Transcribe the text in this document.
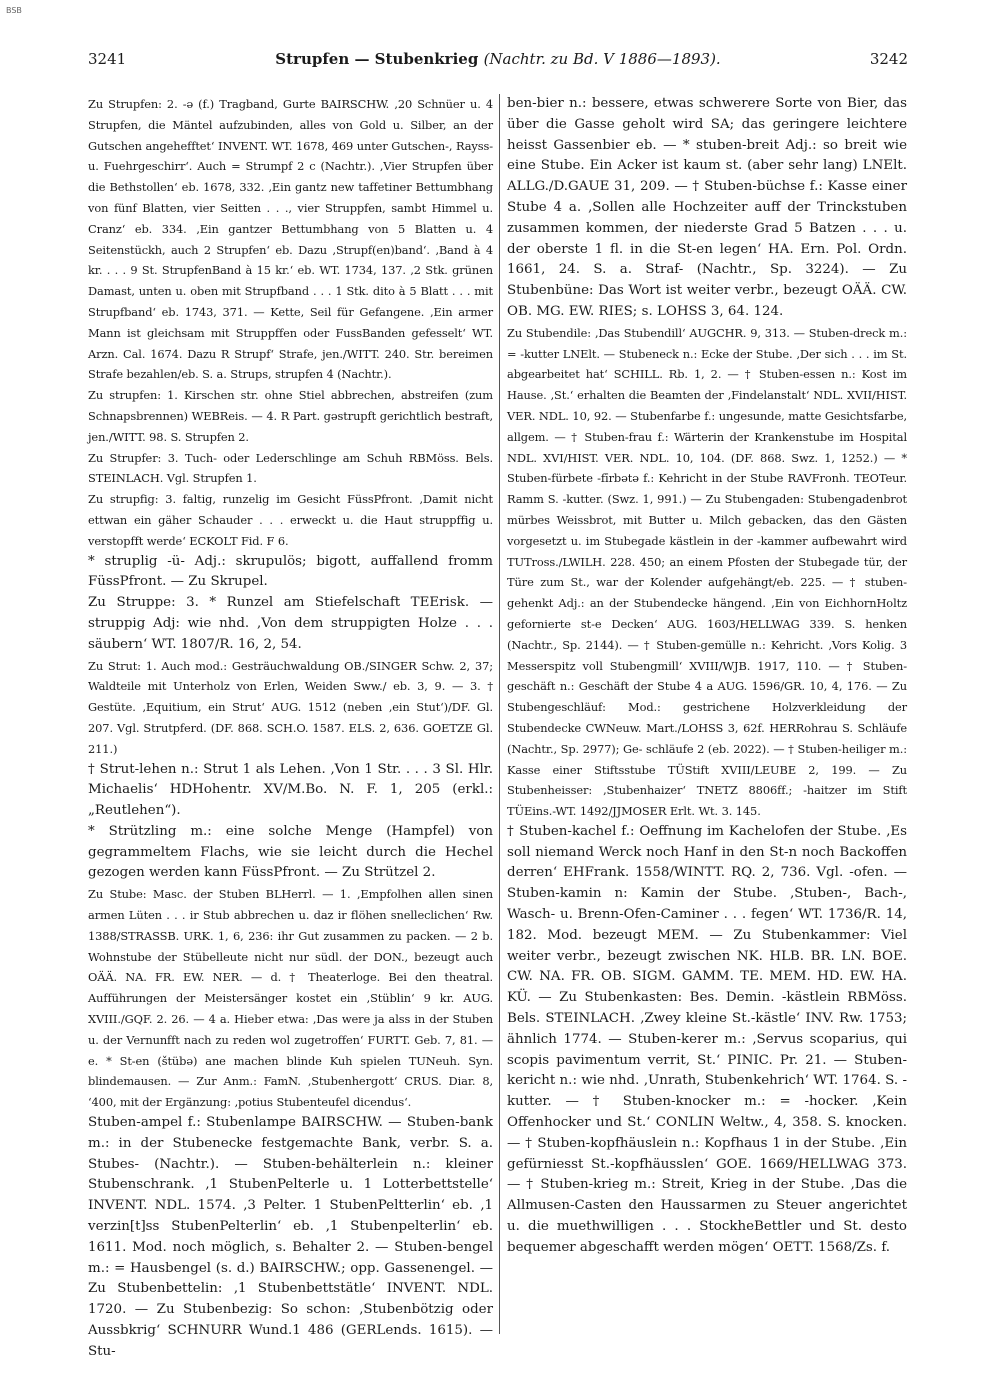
BSB
3241	Strupfen — Stubenkrieg (Nachtr. zu Bd. V 1886—1893).	3242

Zu Strupfen: 2. -ə (f.) Tragband, Gurte BAIRSCHW. ‚20 Schnüer u. 4 Strupfen, die Mäntel aufzubinden, alles von Gold u. Silber, an der Gutschen angehefftet‘ INVENT. WT. 1678, 469 unter Gutschen-, Rayss- u. Fuehrgeschirr‘. Auch = Strumpf 2 c (Nachtr.). ‚Vier Strupfen über die Bethstollen‘ eb. 1678, 332. ‚Ein gantz new taffetiner Bettumbhang von fünf Blatten, vier Seitten . . ., vier Struppfen, sambt Himmel u. Cranz‘ eb. 334. ‚Ein gantzer Bettumbhang von 5 Blatten u. 4 Seitenstückh, auch 2 Strupfen‘ eb. Dazu ‚Strupf(en)band‘. ‚Band à 4 kr. . . . 9 St. StrupfenBand à 15 kr.‘ eb. WT. 1734, 137. ‚2 Stk. grünen Damast, unten u. oben mit Strupfband . . . 1 Stk. dito à 5 Blatt . . . mit Strupfband‘ eb. 1743, 371. — Kette, Seil für Gefangene. ‚Ein armer Mann ist gleichsam mit Struppffen oder FussBanden gefesselt‘ WT. Arzn. Cal. 1674. Dazu R Strupf‘ Strafe, jen./WITT. 240. Str. bereimen Strafe bezahlen/eb. S. a. Strups, strupfen 4 (Nachtr.).

Zu strupfen: 1. Kirschen str. ohne Stiel abbrechen, abstreifen (zum Schnapsbrennen) WEBReis. — 4. R Part. gəstrupft gerichtlich bestraft, jen./WITT. 98. S. Strupfen 2.

Zu Strupfer: 3. Tuch- oder Lederschlinge am Schuh RBMöss. Bels. STEINLACH. Vgl. Strupfen 1.

Zu strupfig: 3. faltig, runzelig im Gesicht FüssPfront. ‚Damit nicht ettwan ein gäher Schauder . . . erweckt u. die Haut struppffig u. verstopfft werde‘ ECKOLT Fid. F 6.

* struplig -ü- Adj.: skrupulös; bigott, auffallend fromm FüssPfront. — Zu Skrupel.

Zu Struppe: 3. * Runzel am Stiefelschaft TEErisk. — struppig Adj: wie nhd. ‚Von dem struppigten Holze . . . säubern‘ WT. 1807/R. 16, 2, 54.

Zu Strut: 1. Auch mod.: Gesträuchwaldung OB./SINGER Schw. 2, 37; Waldteile mit Unterholz von Erlen, Weiden Sww./ eb. 3, 9. — 3. † Gestüte. ‚Equitium, ein Strut‘ AUG. 1512 (neben ‚ein Stut‘)/DF. Gl. 207. Vgl. Strutpferd. (DF. 868. SCH.O. 1587. ELS. 2, 636. GOETZE Gl. 211.)

† Strut-lehen n.: Strut 1 als Lehen. ‚Von 1 Str. . . . 3 Sl. Hlr. Michaelis‘ HDHohentr. XV/M.Bo. N. F. 1, 205 (erkl.: „Reutlehen“).

* Strützling m.: eine solche Menge (Hampfel) von gegrammeltem Flachs, wie sie leicht durch die Hechel gezogen werden kann FüssPfront. — Zu Strützel 2.

Zu Stube: Masc. der Stuben BLHerrl. — 1. ‚Empfolhen allen sinen armen Lüten . . . ir Stub abbrechen u. daz ir flöhen snelleclichen‘ Rw. 1388/STRASSB. URK. 1, 6, 236: ihr Gut zusammen zu packen. — 2 b. Wohnstube der Stübelleute nicht nur südl. der DON., bezeugt auch OÄÄ. NA. FR. EW. NER. — d. † Theaterloge. Bei den theatral. Aufführungen der Meistersänger kostet ein ‚Stüblin‘ 9 kr. AUG. XVIII./GQF. 2. 26. — 4 a. Hieber etwa: ‚Das were ja alss in der Stuben u. der Vernunfft nach zu reden wol zugetroffen‘ FURTT. Geb. 7, 81. — e. * St-en (štübə) ane machen blinde Kuh spielen TUNeuh. Syn. blindemausen. — Zur Anm.: FamN. ‚Stubenhergott‘ CRUS. Diar. 8, ‘400, mit der Ergänzung: ‚potius Stubenteufel dicendus‘.

Stuben-ampel f.: Stubenlampe BAIRSCHW. — Stuben-bank m.: in der Stubenecke festgemachte Bank, verbr. S. a. Stubes- (Nachtr.). — Stuben-behälterlein n.: kleiner Stubenschrank. ‚1 StubenPelterle u. 1 Lotterbettstelle‘ INVENT. NDL. 1574. ‚3 Pelter. 1 StubenPeltterlin‘ eb. ‚1 verzin[t]ss StubenPelterlin‘ eb. ‚1 Stubenpelterlin‘ eb. 1611. Mod. noch möglich, s. Behalter 2. — Stuben-bengel m.: = Hausbengel (s. d.) BAIRSCHW.; opp. Gassenengel. — Zu Stubenbettelin: ‚1 Stubenbettstätle‘ INVENT. NDL. 1720. — Zu Stubenbezig: So schon: ‚Stubenbötzig oder Aussbkrig‘ SCHNURR Wund.1 486 (GERLends. 1615). — Stu-

ben-bier n.: bessere, etwas schwerere Sorte von Bier, das über die Gasse geholt wird SA; das geringere leichtere heisst Gassenbier eb. — * stuben-breit Adj.: so breit wie eine Stube. Ein Acker ist kaum st. (aber sehr lang) LNElt. ALLG./D.GAUE 31, 209. — † Stuben-büchse f.: Kasse einer Stube 4 a. ‚Sollen alle Hochzeiter auff der Trinckstuben zusammen kommen, der niederste Grad 5 Batzen . . . u. der oberste 1 fl. in die St-en legen‘ HA. Ern. Pol. Ordn. 1661, 24. S. a. Straf- (Nachtr., Sp. 3224). — Zu Stubenbüne: Das Wort ist weiter verbr., bezeugt OÄÄ. CW. OB. MG. EW. RIES; s. LOHSS 3, 64. 124.

Zu Stubendile: ‚Das Stubendill‘ AUGCHR. 9, 313. — Stuben-dreck m.: = -kutter LNElt. — Stubeneck n.: Ecke der Stube. ‚Der sich . . . im St. abgearbeitet hat‘ SCHILL. Rb. 1, 2. — † Stuben-essen n.: Kost im Hause. ‚St.‘ erhalten die Beamten der ‚Findelanstalt‘ NDL. XVII/HIST. VER. NDL. 10, 92. — Stubenfarbe f.: ungesunde, matte Gesichtsfarbe, allgem. — † Stuben-frau f.: Wärterin der Krankenstube im Hospital NDL. XVI/HIST. VER. NDL. 10, 104. (DF. 868. Swz. 1, 1252.) — * Stuben-fürbete -fīrbətə f.: Kehricht in der Stube RAVFronh. TEOTeur. Ramm S. -kutter. (Swz. 1, 991.) — Zu Stubengaden: Stubengadenbrot mürbes Weissbrot, mit Butter u. Milch gebacken, das den Gästen vorgesetzt u. im Stubegade kästlein in der -kammer aufbewahrt wird TUTross./LWILH. 228. 450; an einem Pfosten der Stubegade tür, der Türe zum St., war der Kolender aufgehängt/eb. 225. — † stuben-gehenkt Adj.: an der Stubendecke hängend. ‚Ein von EichhornHoltz gefornierte st-e Decken‘ AUG. 1603/HELLWAG 339. S. henken (Nachtr., Sp. 2144). — † Stuben-gemülle n.: Kehricht. ‚Vors Kolig. 3 Messerspitz voll Stubengmill‘ XVIII/WJB. 1917, 110. — † Stuben-geschäft n.: Geschäft der Stube 4 a AUG. 1596/GR. 10, 4, 176. — Zu Stubengeschläuf: Mod.: gestrichene Holzverkleidung der Stubendecke CWNeuw. Mart./LOHSS 3, 62f. HERRohrau S. Schläufe (Nachtr., Sp. 2977); Ge- schläufe 2 (eb. 2022). — † Stuben-heiliger m.: Kasse einer Stiftsstube TÜStift XVIII/LEUBE 2, 199. — Zu Stubenheisser: ‚Stubenhaizer‘ TNETZ 8806ff.; -haitzer im Stift TÜEins.-WT. 1492/JJMOSER Erlt. Wt. 3. 145.

† Stuben-kachel f.: Oeffnung im Kachelofen der Stube. ‚Es soll niemand Werck noch Hanf in den St-n noch Backoffen derren‘ EHFrank. 1558/WINTT. RQ. 2, 736. Vgl. -ofen. — Stuben-kamin n: Kamin der Stube. ‚Stuben-, Bach-, Wasch- u. Brenn-Ofen-Caminer . . . fegen‘ WT. 1736/R. 14, 182. Mod. bezeugt MEM. — Zu Stubenkammer: Viel weiter verbr., bezeugt zwischen NK. HLB. BR. LN. BOE. CW. NA. FR. OB. SIGM. GAMM. TE. MEM. HD. EW. HA. KÜ. — Zu Stubenkasten: Bes. Demin. -kästlein RBMöss. Bels. STEINLACH. ‚Zwey kleine St.-kästle‘ INV. Rw. 1753; ähnlich 1774. — Stuben-kerer m.: ‚Servus scoparius, qui scopis pavimentum verrit, St.‘ PINIC. Pr. 21. — Stuben-kericht n.: wie nhd. ‚Unrath, Stubenkehrich‘ WT. 1764. S. -kutter. — † Stuben-knocker m.: = -hocker. ‚Kein Offenhocker und St.‘ CONLIN Weltw., 4, 358. S. knocken. — † Stuben-kopfhäuslein n.: Kopfhaus 1 in der Stube. ‚Ein gefürniesst St.-kopfhäusslen‘ GOE. 1669/HELLWAG 373. — † Stuben-krieg m.: Streit, Krieg in der Stube. ‚Das die Allmusen-Casten den Haussarmen zu Steuer angerichtet u. die muethwilligen . . . StockheBettler und St. desto bequemer abgeschafft werden mögen‘ OETT. 1568/Zs. f.
